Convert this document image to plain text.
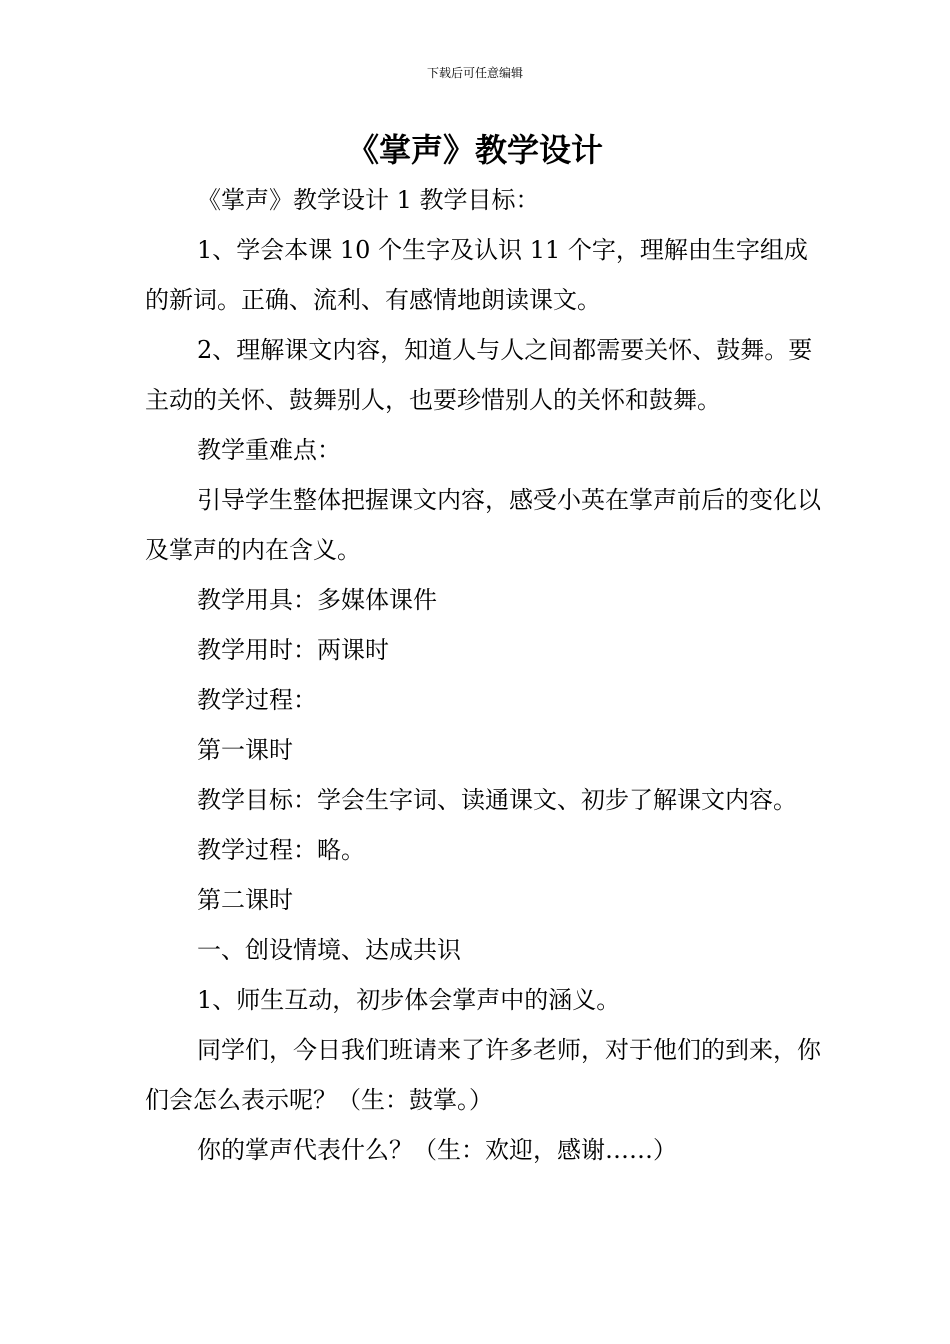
下载后可任意编辑
《掌声》教学设计

《掌声》教学设计 1 教学目标：

1、学会本课 10 个生字及认识 11 个字，理解由生字组成的新词。正确、流利、有感情地朗读课文。

2、理解课文内容，知道人与人之间都需要关怀、鼓舞。要主动的关怀、鼓舞别人，也要珍惜别人的关怀和鼓舞。

教学重难点：

引导学生整体把握课文内容，感受小英在掌声前后的变化以及掌声的内在含义。

教学用具：多媒体课件

教学用时：两课时

教学过程：

第一课时

教学目标：学会生字词、读通课文、初步了解课文内容。

教学过程：略。

第二课时

一、创设情境、达成共识

1、师生互动，初步体会掌声中的涵义。

同学们，今日我们班请来了许多老师，对于他们的到来，你们会怎么表示呢？（生：鼓掌。）

你的掌声代表什么？（生：欢迎，感谢……）
